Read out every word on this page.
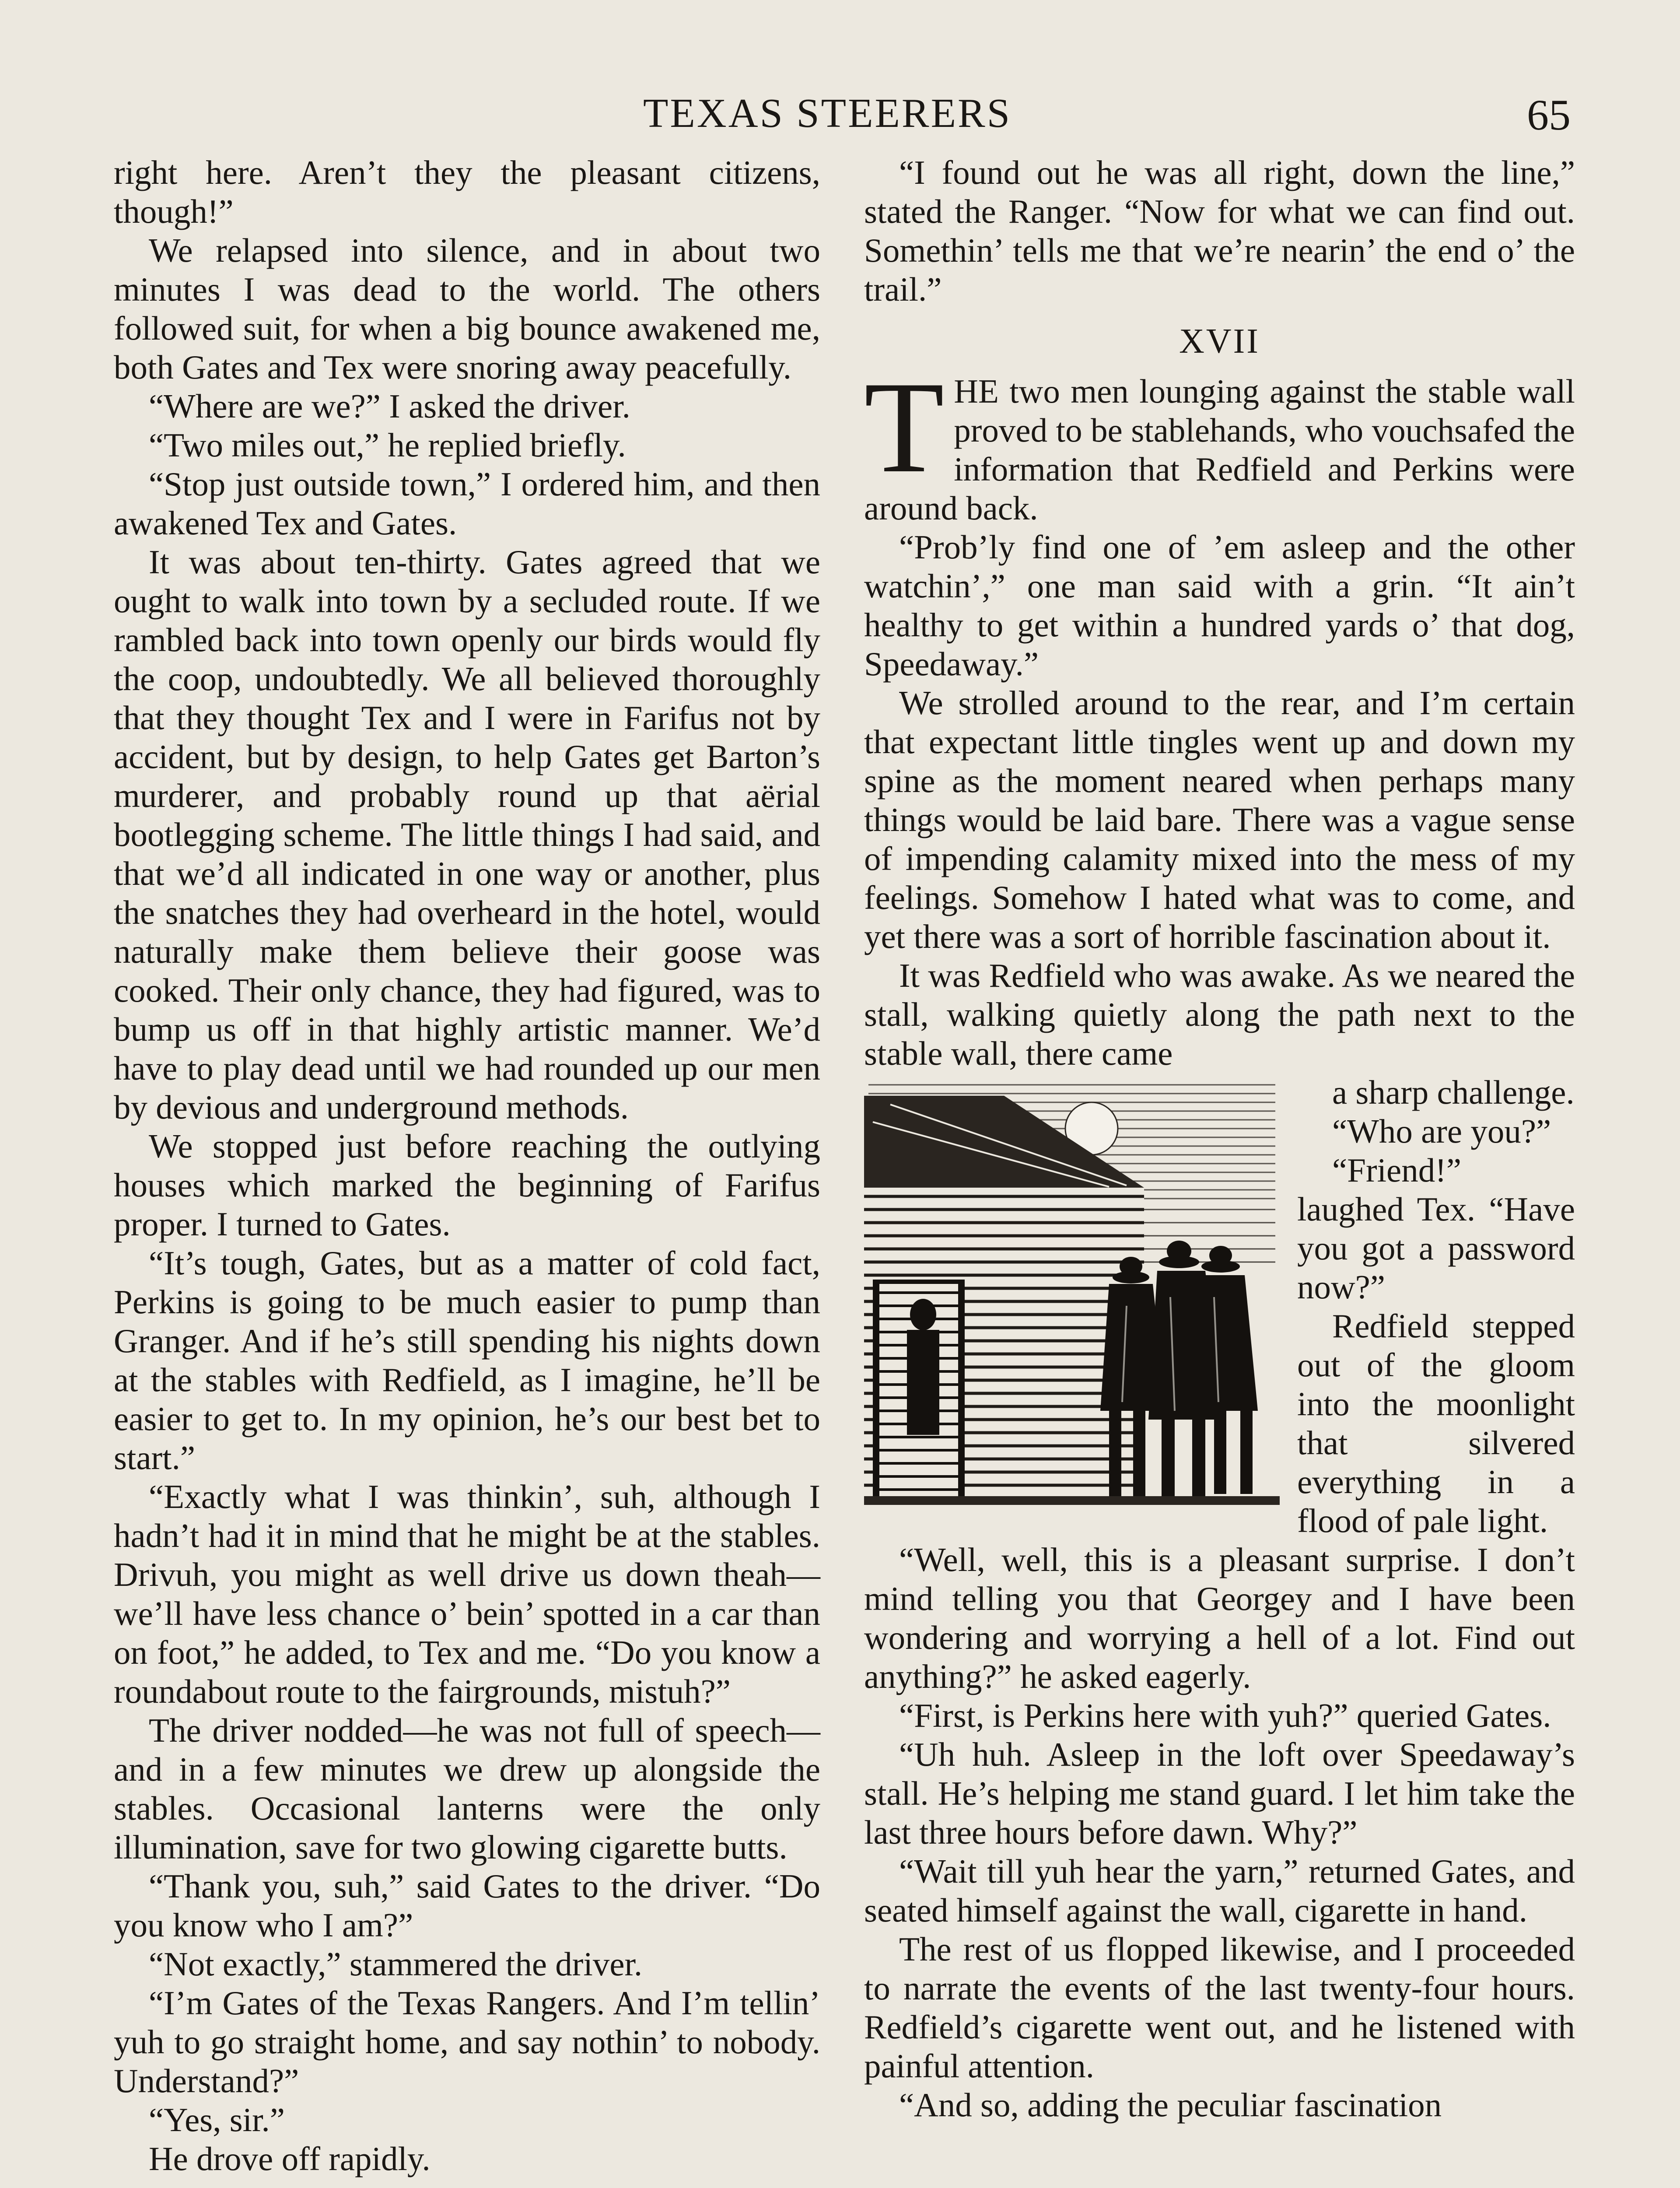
TEXAS STEERERS	65

right here. Aren’t they the pleasant citizens, though!”

We relapsed into silence, and in about two minutes I was dead to the world. The others followed suit, for when a big bounce awakened me, both Gates and Tex were snoring away peacefully.

“Where are we?” I asked the driver.

“Two miles out,” he replied briefly.

“Stop just outside town,” I ordered him, and then awakened Tex and Gates.

It was about ten-thirty. Gates agreed that we ought to walk into town by a secluded route. If we rambled back into town openly our birds would fly the coop, undoubtedly. We all believed thoroughly that they thought Tex and I were in Farifus not by accident, but by design, to help Gates get Barton’s murderer, and probably round up that aërial bootlegging scheme. The little things I had said, and that we’d all indicated in one way or another, plus the snatches they had overheard in the hotel, would naturally make them believe their goose was cooked. Their only chance, they had figured, was to bump us off in that highly artistic manner. We’d have to play dead until we had rounded up our men by devious and underground methods.

We stopped just before reaching the outlying houses which marked the beginning of Farifus proper. I turned to Gates.

“It’s tough, Gates, but as a matter of cold fact, Perkins is going to be much easier to pump than Granger. And if he’s still spending his nights down at the stables with Redfield, as I imagine, he’ll be easier to get to. In my opinion, he’s our best bet to start.”

“Exactly what I was thinkin’, suh, although I hadn’t had it in mind that he might be at the stables. Drivuh, you might as well drive us down theah—we’ll have less chance o’ bein’ spotted in a car than on foot,” he added, to Tex and me. “Do you know a roundabout route to the fairgrounds, mistuh?”

The driver nodded—he was not full of speech—and in a few minutes we drew up alongside the stables. Occasional lanterns were the only illumination, save for two glowing cigarette butts.

“Thank you, suh,” said Gates to the driver. “Do you know who I am?”

“Not exactly,” stammered the driver.

“I’m Gates of the Texas Rangers. And I’m tellin’ yuh to go straight home, and say nothin’ to nobody. Understand?”

“Yes, sir.”

He drove off rapidly.

“I found out he was all right, down the line,” stated the Ranger. “Now for what we can find out. Somethin’ tells me that we’re nearin’ the end o’ the trail.”

XVII

THE two men lounging against the stable wall proved to be stablehands, who vouchsafed the information that Redfield and Perkins were around back.

“Prob’ly find one of ’em asleep and the other watchin’,” one man said with a grin. “It ain’t healthy to get within a hundred yards o’ that dog, Speedaway.”

We strolled around to the rear, and I’m certain that expectant little tingles went up and down my spine as the moment neared when perhaps many things would be laid bare. There was a vague sense of impending calamity mixed into the mess of my feelings. Somehow I hated what was to come, and yet there was a sort of horrible fascination about it.

It was Redfield who was awake. As we neared the stall, walking quietly along the path next to the stable wall, there came

a sharp challenge.

“Who are you?”

“Friend!” laughed Tex. “Have you got a password now?”

Redfield stepped out of the gloom into the moonlight that silvered everything in a flood of pale light.

“Well, well, this is a pleasant surprise. I don’t mind telling you that Georgey and I have been wondering and worrying a hell of a lot. Find out anything?” he asked eagerly.

“First, is Perkins here with yuh?” queried Gates.

“Uh huh. Asleep in the loft over Speedaway’s stall. He’s helping me stand guard. I let him take the last three hours before dawn. Why?”

“Wait till yuh hear the yarn,” returned Gates, and seated himself against the wall, cigarette in hand.

The rest of us flopped likewise, and I proceeded to narrate the events of the last twenty-four hours. Redfield’s cigarette went out, and he listened with painful attention.

“And so, adding the peculiar fascination
